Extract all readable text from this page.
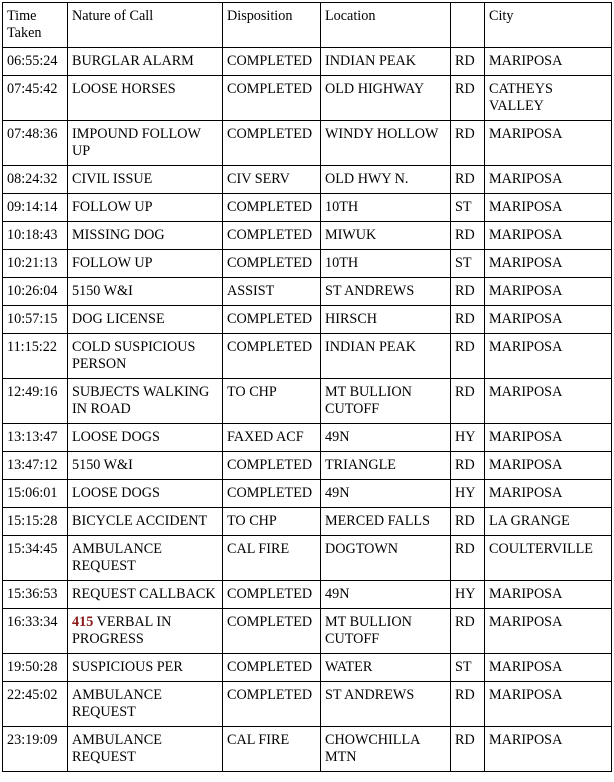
Time Taken	Nature of Call	Disposition	Location		City
06:55:24	BURGLAR ALARM	COMPLETED	INDIAN PEAK	RD	MARIPOSA
07:45:42	LOOSE HORSES	COMPLETED	OLD HIGHWAY	RD	CATHEYS VALLEY
07:48:36	IMPOUND FOLLOW UP	COMPLETED	WINDY HOLLOW	RD	MARIPOSA
08:24:32	CIVIL ISSUE	CIV SERV	OLD HWY N.	RD	MARIPOSA
09:14:14	FOLLOW UP	COMPLETED	10TH	ST	MARIPOSA
10:18:43	MISSING DOG	COMPLETED	MIWUK	RD	MARIPOSA
10:21:13	FOLLOW UP	COMPLETED	10TH	ST	MARIPOSA
10:26:04	5150 W&I	ASSIST	ST ANDREWS	RD	MARIPOSA
10:57:15	DOG LICENSE	COMPLETED	HIRSCH	RD	MARIPOSA
11:15:22	COLD SUSPICIOUS PERSON	COMPLETED	INDIAN PEAK	RD	MARIPOSA
12:49:16	SUBJECTS WALKING IN ROAD	TO CHP	MT BULLION CUTOFF	RD	MARIPOSA
13:13:47	LOOSE DOGS	FAXED ACF	49N	HY	MARIPOSA
13:47:12	5150 W&I	COMPLETED	TRIANGLE	RD	MARIPOSA
15:06:01	LOOSE DOGS	COMPLETED	49N	HY	MARIPOSA
15:15:28	BICYCLE ACCIDENT	TO CHP	MERCED FALLS	RD	LA GRANGE
15:34:45	AMBULANCE REQUEST	CAL FIRE	DOGTOWN	RD	COULTERVILLE
15:36:53	REQUEST CALLBACK	COMPLETED	49N	HY	MARIPOSA
16:33:34	415 VERBAL IN PROGRESS	COMPLETED	MT BULLION CUTOFF	RD	MARIPOSA
19:50:28	SUSPICIOUS PER	COMPLETED	WATER	ST	MARIPOSA
22:45:02	AMBULANCE REQUEST	COMPLETED	ST ANDREWS	RD	MARIPOSA
23:19:09	AMBULANCE REQUEST	CAL FIRE	CHOWCHILLA MTN	RD	MARIPOSA
